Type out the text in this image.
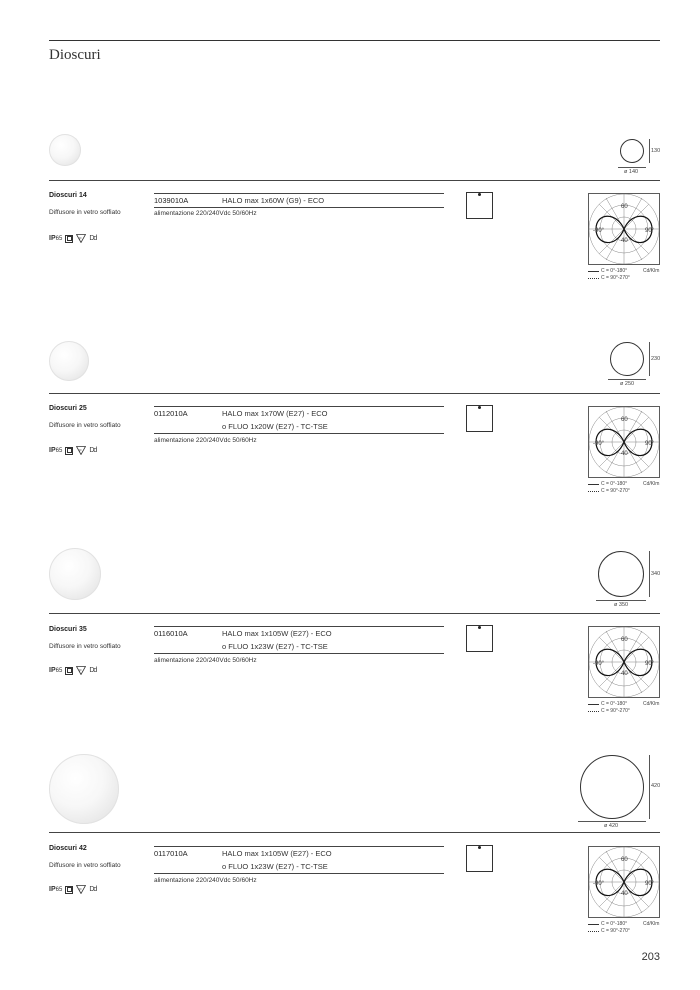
Dioscuri
130
ø 140
Dioscuri 14
Diffusore in vetro soffiato
IP65	F Dd
1039010A	HALO max 1x60W (G9) - ECO
alimentazione 220/240Vdc 50/60Hz
60
40
-90°	90°
C = 0°-180°
C = 90°-270°
Cd/Klm
230
ø 250
Dioscuri 25
Diffusore in vetro soffiato
IP65	F Dd
0112010A	HALO max 1x70W (E27) - ECO
o FLUO 1x20W (E27) - TC-TSE
alimentazione 220/240Vdc 50/60Hz
60
40
-90°	90°
C = 0°-180°
C = 90°-270°
Cd/Klm
340
ø 350
Dioscuri 35
Diffusore in vetro soffiato
IP65	F Dd
0116010A	HALO max 1x105W (E27) - ECO
o FLUO 1x23W (E27) - TC-TSE
alimentazione 220/240Vdc 50/60Hz
60
40
-90°	90°
C = 0°-180°
C = 90°-270°
Cd/Klm
420
ø 420
Dioscuri 42
Diffusore in vetro soffiato
IP65	F Dd
0117010A	HALO max 1x105W (E27) - ECO
o FLUO 1x23W (E27) - TC-TSE
alimentazione 220/240Vdc 50/60Hz
60
40
-90°	90°
C = 0°-180°
C = 90°-270°
Cd/Klm
203
